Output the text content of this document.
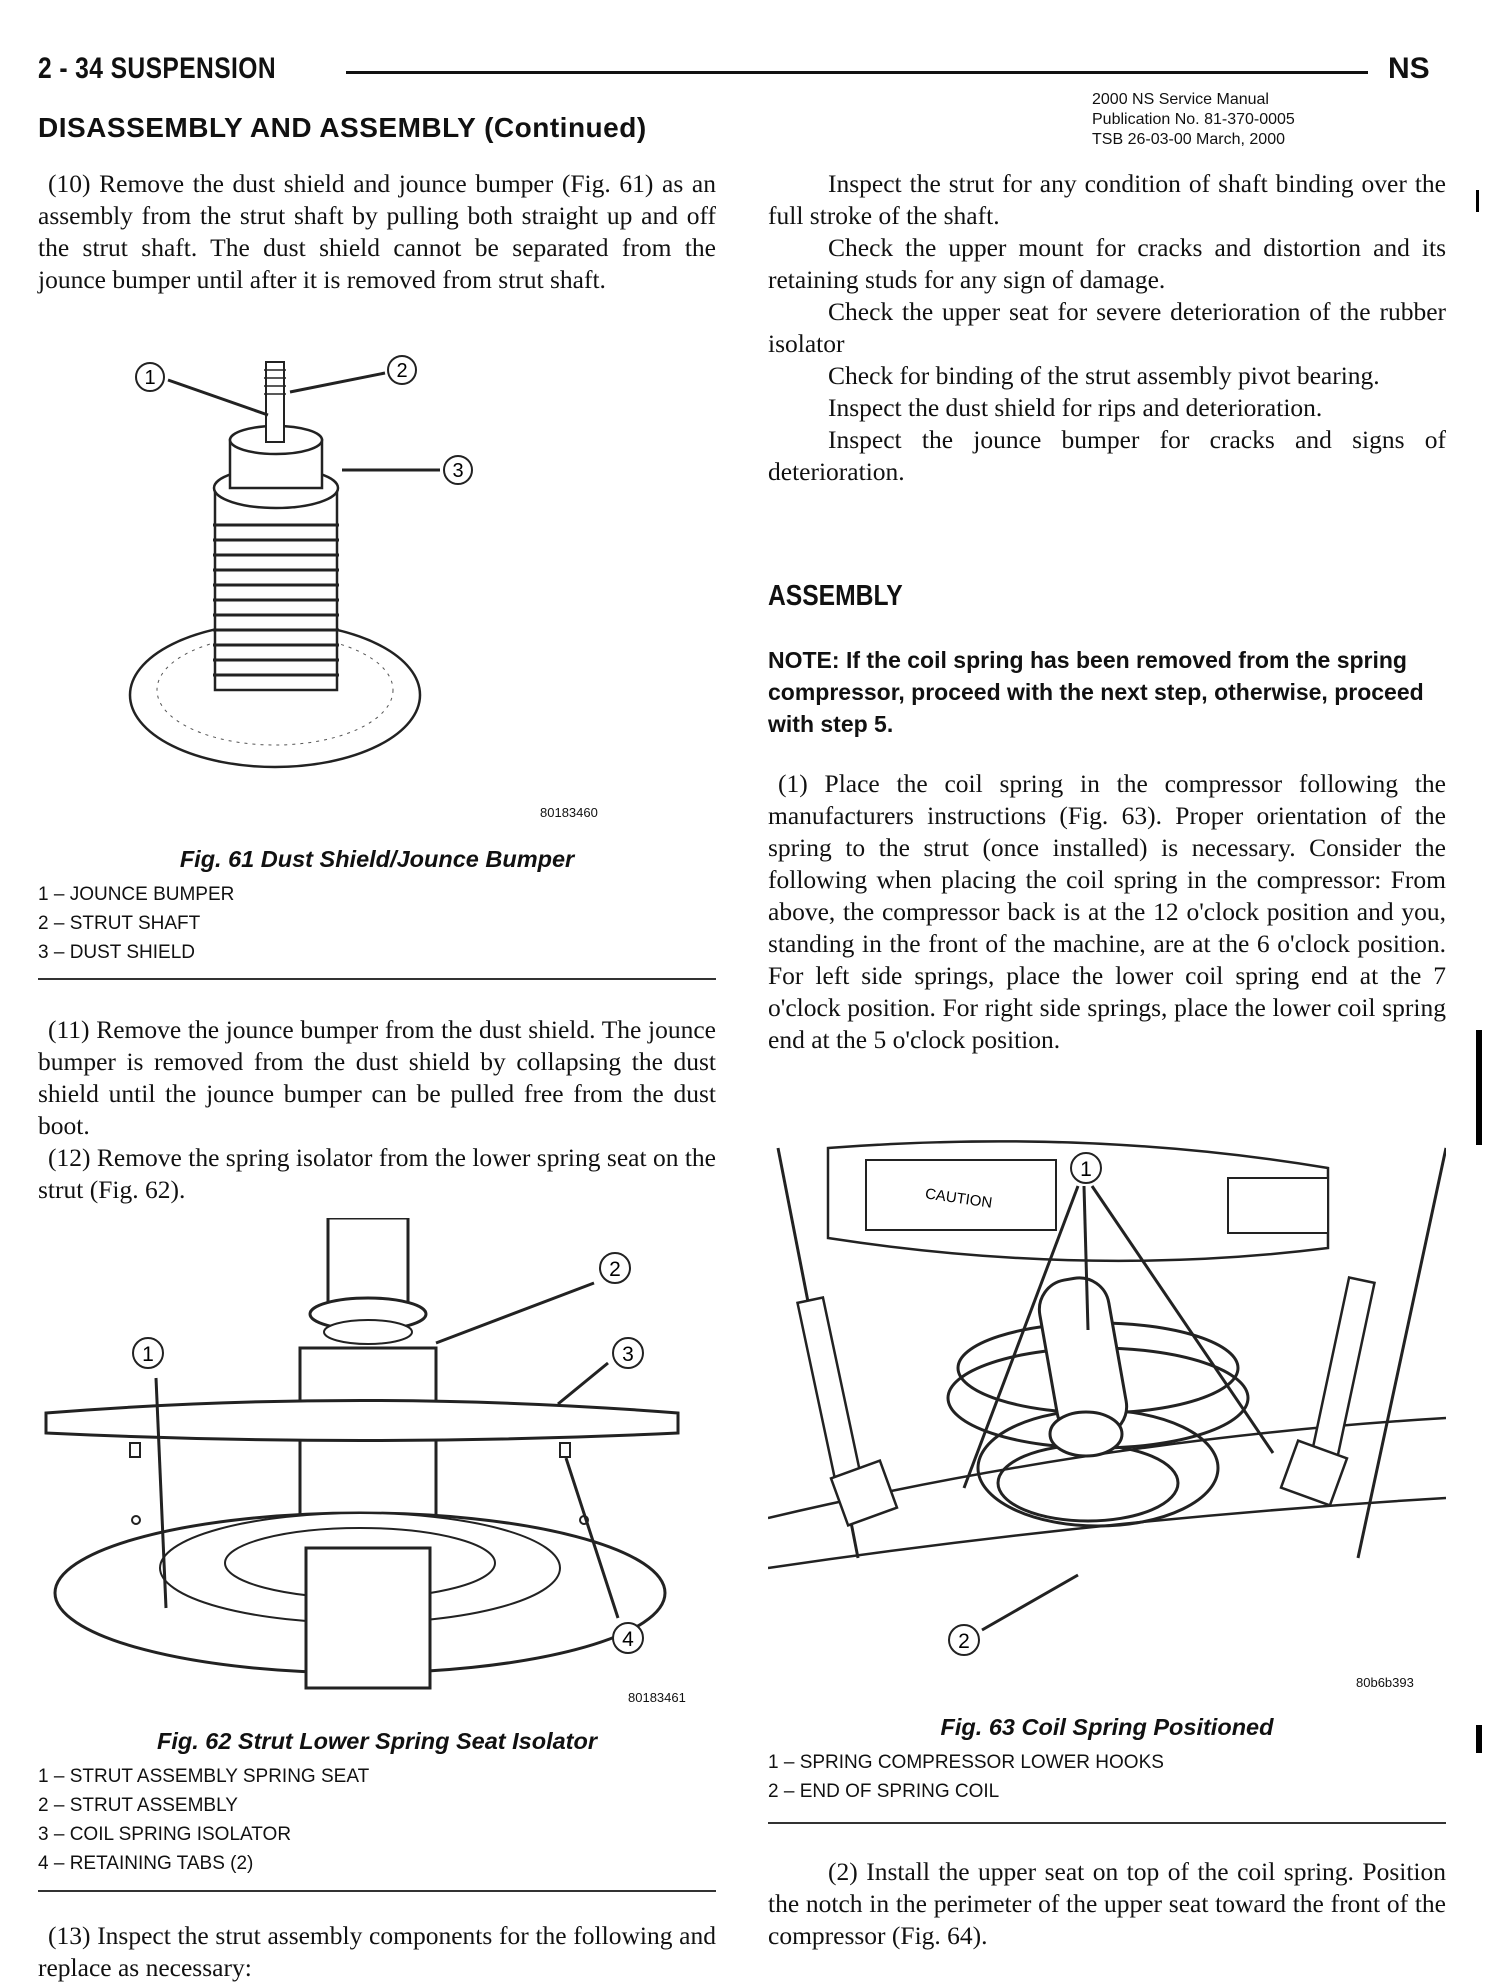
2 - 34 SUSPENSION	NS
2000 NS Service Manual
Publication No. 81-370-0005
TSB 26-03-00 March, 2000
DISASSEMBLY AND ASSEMBLY (Continued)

(10) Remove the dust shield and jounce bumper (Fig. 61) as an assembly from the strut shaft by pulling both straight up and off the strut shaft. The dust shield cannot be separated from the jounce bumper until after it is removed from strut shaft.

1	2
3
80183460
Fig. 61 Dust Shield/Jounce Bumper
1 – JOUNCE BUMPER
2 – STRUT SHAFT
3 – DUST SHIELD

(11) Remove the jounce bumper from the dust shield. The jounce bumper is removed from the dust shield by collapsing the dust shield until the jounce bumper can be pulled free from the dust boot.

(12) Remove the spring isolator from the lower spring seat on the strut (Fig. 62).

1
2
3
4
80183461
Fig. 62 Strut Lower Spring Seat Isolator
1 – STRUT ASSEMBLY SPRING SEAT
2 – STRUT ASSEMBLY
3 – COIL SPRING ISOLATOR
4 – RETAINING TABS (2)

(13) Inspect the strut assembly components for the following and replace as necessary:

Inspect the strut for any condition of shaft binding over the full stroke of the shaft.

Check the upper mount for cracks and distortion and its retaining studs for any sign of damage.

Check the upper seat for severe deterioration of the rubber isolator

Check for binding of the strut assembly pivot bearing.

Inspect the dust shield for rips and deterioration.

Inspect the jounce bumper for cracks and signs of deterioration.

ASSEMBLY
NOTE: If the coil spring has been removed from the spring compressor, proceed with the next step, otherwise, proceed with step 5.

(1) Place the coil spring in the compressor following the manufacturers instructions (Fig. 63). Proper orientation of the spring to the strut (once installed) is necessary. Consider the following when placing the coil spring in the compressor: From above, the compressor back is at the 12 o'clock position and you, standing in the front of the machine, are at the 6 o'clock position. For left side springs, place the lower coil spring end at the 7 o'clock position. For right side springs, place the lower coil spring end at the 5 o'clock position.

CAUTION
1
2
80b6b393
Fig. 63 Coil Spring Positioned
1 – SPRING COMPRESSOR LOWER HOOKS
2 – END OF SPRING COIL

(2) Install the upper seat on top of the coil spring. Position the notch in the perimeter of the upper seat toward the front of the compressor (Fig. 64).
